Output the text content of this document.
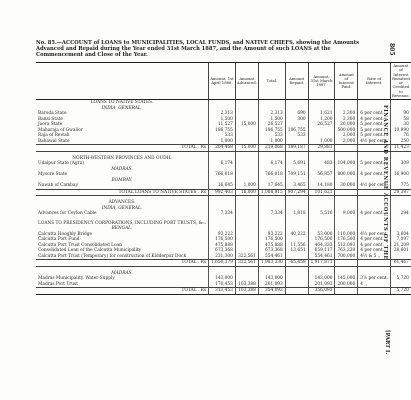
805
No. 85.—ACCOUNT of LOANS to MUNICIPALITIES, LOCAL FUNDS, and NATIVE CHIEFS, showing the Amounts Advanced and Repaid during the Year ended 31st March 1887, and the Amount of such LOANS at the Commencement and Close of the Year.
FINANCE AND REVENUE ACCOUNTS OF THE
[PART I.
	Amount, 1st April 1886.	Amount Advanced.	Total.	Amount Repaid.	Amount, 31st March 1887.	Amount of Interest Paid.	Rate of Interest.	Amount of Interest Remitted or Credited to Revenue.
LOANS TO NATIVE STATES.								
INDIA, GENERAL.								
Baroda State	2,313		2,313	690	1,621	2,300	6 per cent.	90
Bansi State	1,500		1,500	300	1,200	3,300	4 per cent.	58
Jaora State	11,527	15,000	26,527		26,527	20,000	5 per cent.	30
Maharaja of Gwalior	186,755		186,755	186,755		500,000	5 per cent.	10,990
Raja of Rewah	533		533	533		2,000	5 per cent.	76
Bahawal State	1,000		1,000		1,000	2,000	4½ per cent.	250
TOTAL . Rs	204,468	15,000	219,068	189,187	29,881			11,423

NORTH-WESTERN PROVINCES AND OUDH.								
Udaipur State (Agra)	6,174		6,174	5,691	483	104,000	5 per cent.	309
MADRAS.								
Mysore State	766,018		766,018	709,151	56,857	800,000	4 per cent.	16,900
BOMBAY.								
Nawab of Cambay	16,645	1,000	17,645	3,465	14,180	30,000	4½ per cent.	775
TOTAL LOANS TO NATIVE STATES . Rs	992,403	16,000	1,008,915	907,294	101,621			29,397

ADVANCES.								
INDIA, GENERAL.								
Advances for Ceylon Cable	7,334		7,334	1,818	5,516	9,000	4 per cent.	294

LOANS TO PRESIDENCY CORPORATIONS, INCLUDING PORT TRUSTS, &c.								
BENGAL.								
Calcutta Hooghly Bridge	93,222		93,222	40,222	53,000	110,000	4½ per cent.	3,604
Calcutta Port Fund	176,500		176,500		176,500	176,500	4 per cent.	7,097
Calcutta Port Trust Consolidated Loan	475,888		475,888	11,556	464,333	512,093	4 per cent.	21,209
Consolidated Loan of the Calcutta Municipality	673,368		673,368	13,651	659,117	763,230	4 per cent.	28,601
Calcutta Port Trust (Temporary) for construction of Kidderpur Dock	231,300	322,561	554,461		554,461	700,000	4½ & 5 ,,	
TOTAL . Rs	1,650,379	322,561	1,983,330	65,459	1,917,871			61,467

MADRAS.								
Madras Municipality, Water-Supply	143,000		143,000		143,000	145,000	3⅝ per cent.	5,720
Madras Port Trust	170,453	103,388	201,093		201,093	200,000	4 ,,	
TOTAL . Rs	313,453	103,388	354,093		356,093			5,720
